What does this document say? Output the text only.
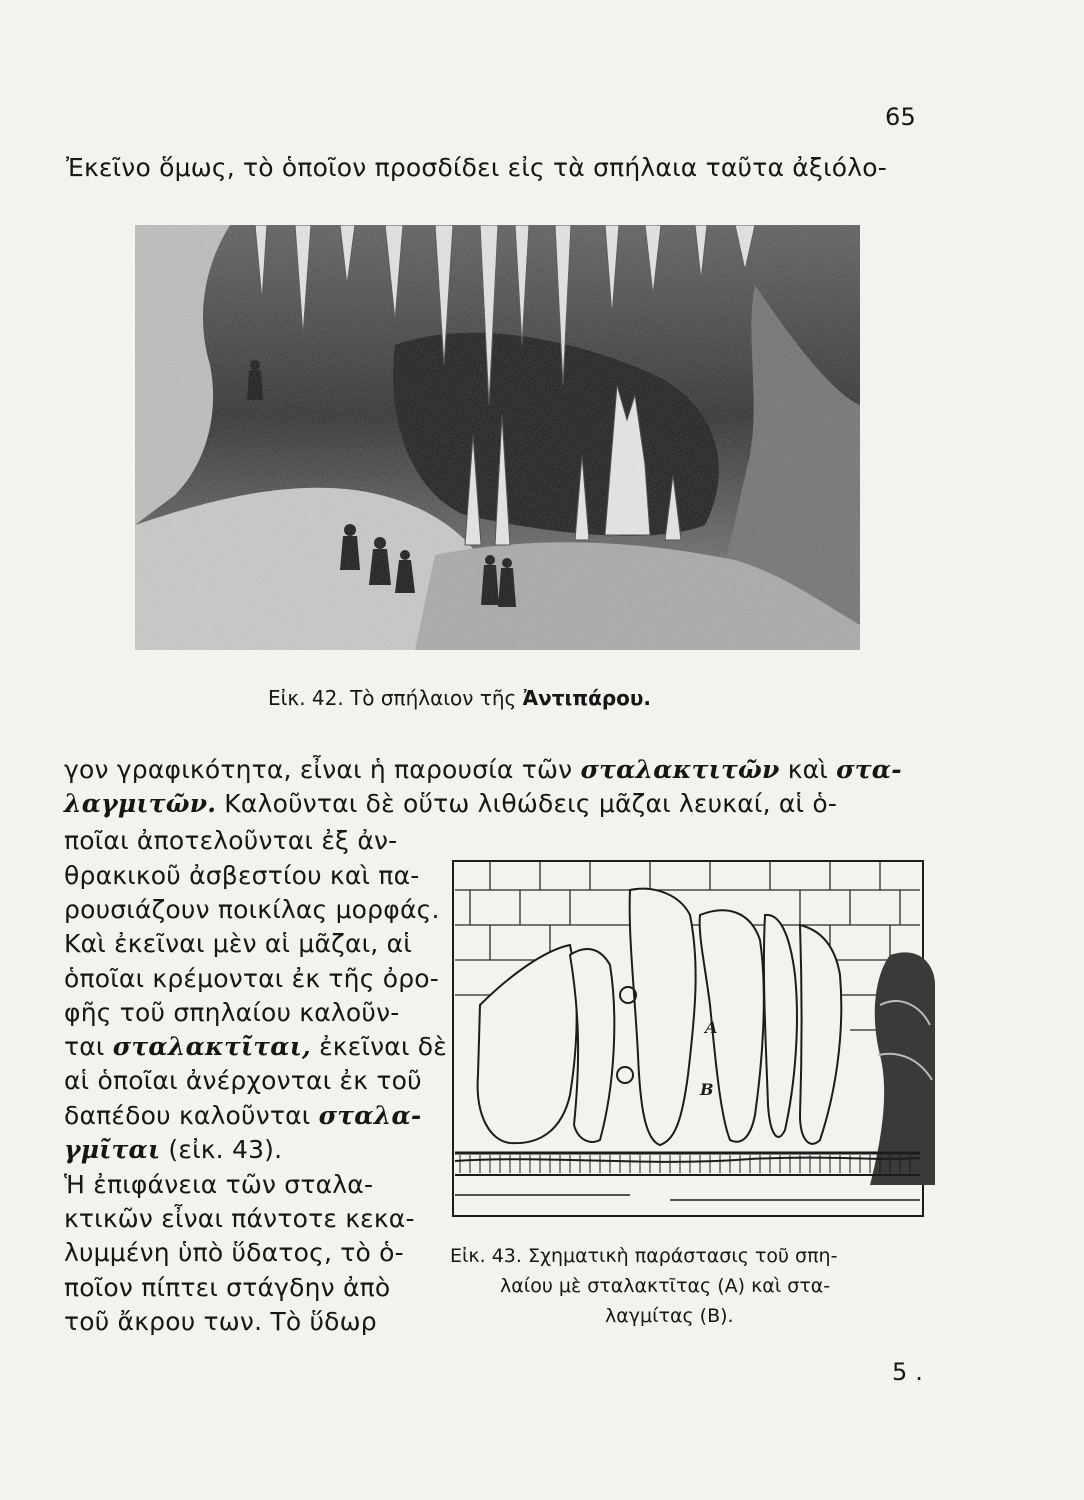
65
Ἐκεῖνο ὅμως, τὸ ὁποῖον προσδίδει εἰς τὰ σπήλαια ταῦτα ἀξιόλο-
Εἰκ. 42. Τὸ σπήλαιον τῆς Ἀντιπάρου.
γον γραφικότητα, εἶναι ἡ παρουσία τῶν σταλακτιτῶν καὶ στα-
λαγμιτῶν. Καλοῦνται δὲ οὕτω λιθώδεις μᾶζαι λευκαί, αἱ ὁ-
ποῖαι ἀποτελοῦνται ἐξ ἀν-
θρακικοῦ ἀσβεστίου καὶ πα-
ρουσιάζουν ποικίλας μορφάς.
Καὶ ἐκεῖναι μὲν αἱ μᾶζαι, αἱ
ὁποῖαι κρέμονται ἐκ τῆς ὀρο-
φῆς τοῦ σπηλαίου καλοῦν-
ται σταλακτῖται, ἐκεῖναι δὲ
αἱ ὁποῖαι ἀνέρχονται ἐκ τοῦ
δαπέδου καλοῦνται σταλα-
γμῖται (εἰκ. 43).
Ἡ ἐπιφάνεια τῶν σταλα-
κτικῶν εἶναι πάντοτε κεκα-
λυμμένη ὑπὸ ὕδατος, τὸ ὁ-
ποῖον πίπτει στάγδην ἀπὸ
τοῦ ἄκρου των. Τὸ ὕδωρ
A
B
Εἰκ. 43. Σχηματικὴ παράστασις τοῦ σπη-
λαίου μὲ σταλακτῖτας (Α) καὶ στα-
λαγμίτας (Β).
5 .
